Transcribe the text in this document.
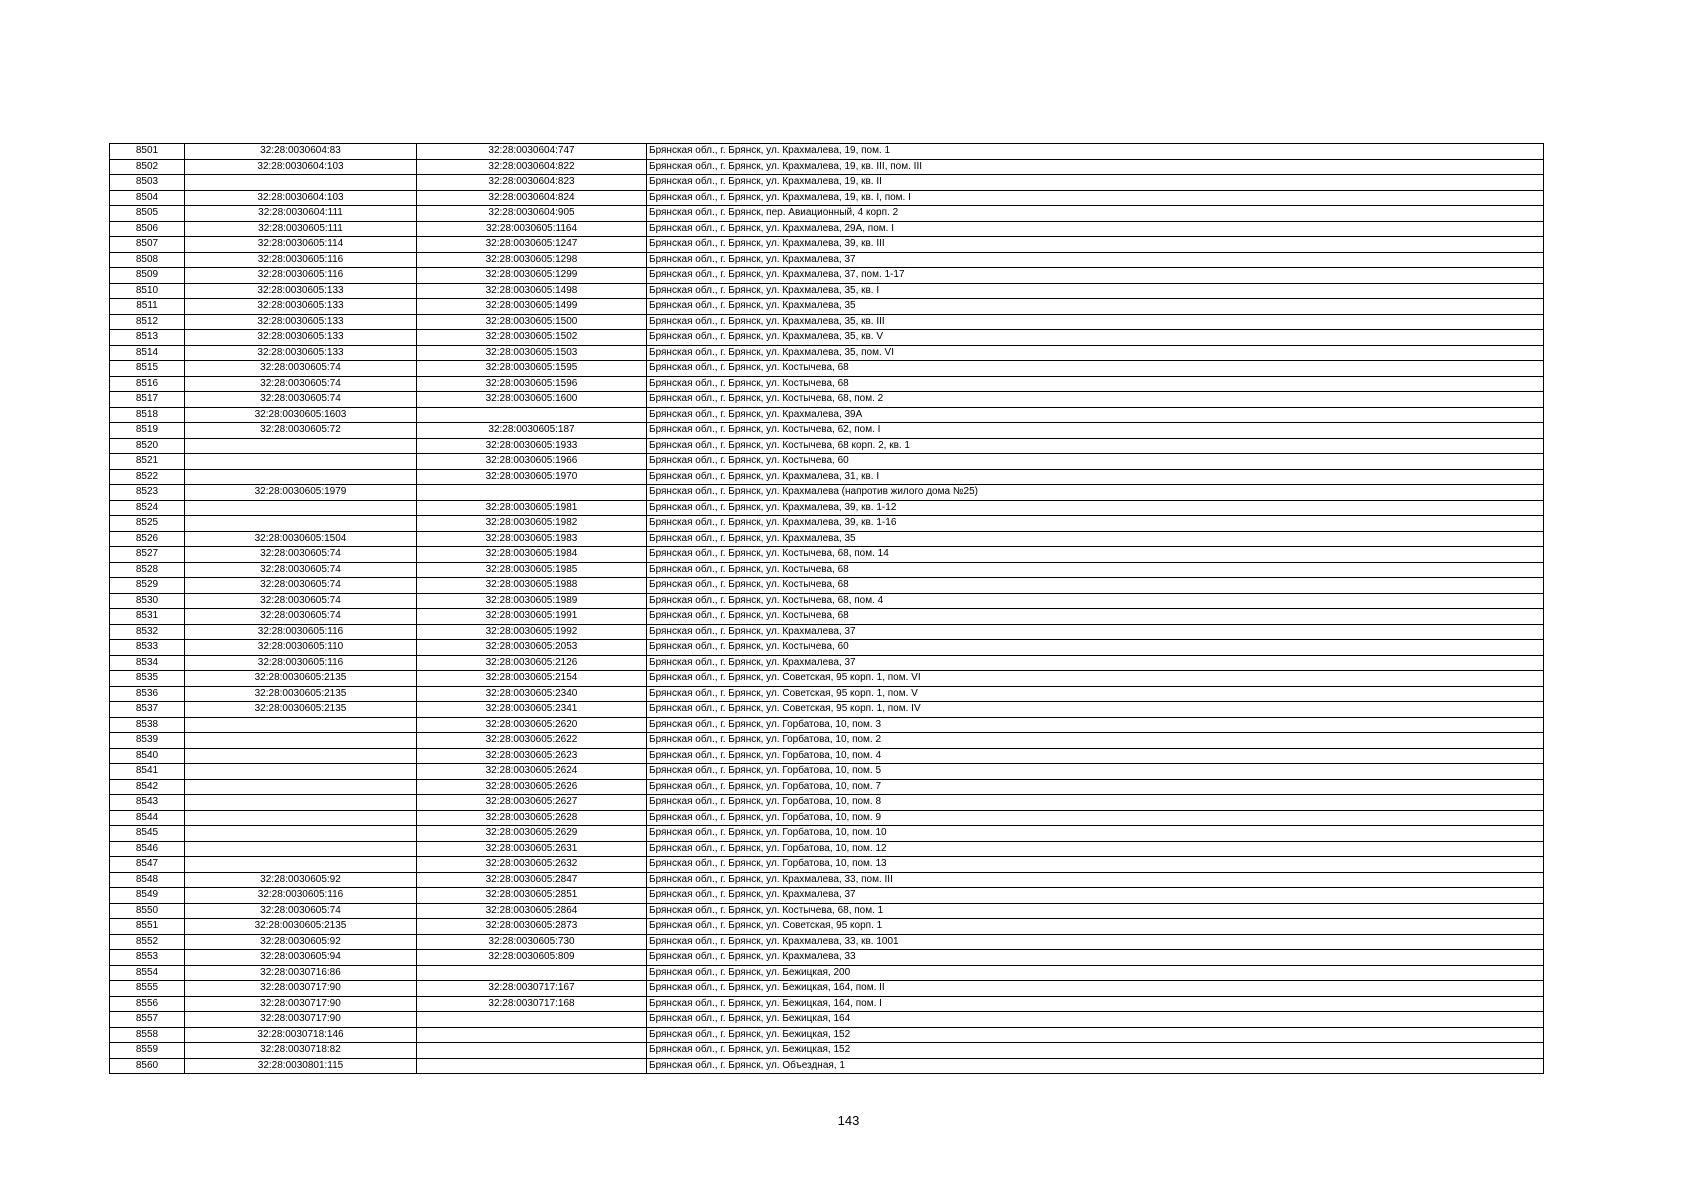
8501	32:28:0030604:83	32:28:0030604:747	Брянская обл., г. Брянск, ул. Крахмалева, 19, пом. 1
8502	32:28:0030604:103	32:28:0030604:822	Брянская обл., г. Брянск, ул. Крахмалева, 19, кв. III, пом. III
8503		32:28:0030604:823	Брянская обл., г. Брянск, ул. Крахмалева, 19, кв. II
8504	32:28:0030604:103	32:28:0030604:824	Брянская обл., г. Брянск, ул. Крахмалева, 19, кв. I, пом. I
8505	32:28:0030604:111	32:28:0030604:905	Брянская обл., г. Брянск, пер. Авиационный, 4 корп. 2
8506	32:28:0030605:111	32:28:0030605:1164	Брянская обл., г. Брянск, ул. Крахмалева, 29А, пом. I
8507	32:28:0030605:114	32:28:0030605:1247	Брянская обл., г. Брянск, ул. Крахмалева, 39, кв. III
8508	32:28:0030605:116	32:28:0030605:1298	Брянская обл., г. Брянск, ул. Крахмалева, 37
8509	32:28:0030605:116	32:28:0030605:1299	Брянская обл., г. Брянск, ул. Крахмалева, 37, пом. 1-17
8510	32:28:0030605:133	32:28:0030605:1498	Брянская обл., г. Брянск, ул. Крахмалева, 35, кв. I
8511	32:28:0030605:133	32:28:0030605:1499	Брянская обл., г. Брянск, ул. Крахмалева, 35
8512	32:28:0030605:133	32:28:0030605:1500	Брянская обл., г. Брянск, ул. Крахмалева, 35, кв. III
8513	32:28:0030605:133	32:28:0030605:1502	Брянская обл., г. Брянск, ул. Крахмалева, 35, кв. V
8514	32:28:0030605:133	32:28:0030605:1503	Брянская обл., г. Брянск, ул. Крахмалева, 35, пом. VI
8515	32:28:0030605:74	32:28:0030605:1595	Брянская обл., г. Брянск, ул. Костычева, 68
8516	32:28:0030605:74	32:28:0030605:1596	Брянская обл., г. Брянск, ул. Костычева, 68
8517	32:28:0030605:74	32:28:0030605:1600	Брянская обл., г. Брянск, ул. Костычева, 68, пом. 2
8518	32:28:0030605:1603		Брянская обл., г. Брянск, ул. Крахмалева, 39А
8519	32:28:0030605:72	32:28:0030605:187	Брянская обл., г. Брянск, ул. Костычева, 62, пом. I
8520		32:28:0030605:1933	Брянская обл., г. Брянск, ул. Костычева, 68 корп. 2, кв. 1
8521		32:28:0030605:1966	Брянская обл., г. Брянск, ул. Костычева, 60
8522		32:28:0030605:1970	Брянская обл., г. Брянск, ул. Крахмалева, 31, кв. I
8523	32:28:0030605:1979		Брянская обл., г. Брянск, ул. Крахмалева (напротив жилого дома №25)
8524		32:28:0030605:1981	Брянская обл., г. Брянск, ул. Крахмалева, 39, кв. 1-12
8525		32:28:0030605:1982	Брянская обл., г. Брянск, ул. Крахмалева, 39, кв. 1-16
8526	32:28:0030605:1504	32:28:0030605:1983	Брянская обл., г. Брянск, ул. Крахмалева, 35
8527	32:28:0030605:74	32:28:0030605:1984	Брянская обл., г. Брянск, ул. Костычева, 68, пом. 14
8528	32:28:0030605:74	32:28:0030605:1985	Брянская обл., г. Брянск, ул. Костычева, 68
8529	32:28:0030605:74	32:28:0030605:1988	Брянская обл., г. Брянск, ул. Костычева, 68
8530	32:28:0030605:74	32:28:0030605:1989	Брянская обл., г. Брянск, ул. Костычева, 68, пом. 4
8531	32:28:0030605:74	32:28:0030605:1991	Брянская обл., г. Брянск, ул. Костычева, 68
8532	32:28:0030605:116	32:28:0030605:1992	Брянская обл., г. Брянск, ул. Крахмалева, 37
8533	32:28:0030605:110	32:28:0030605:2053	Брянская обл., г. Брянск, ул. Костычева, 60
8534	32:28:0030605:116	32:28:0030605:2126	Брянская обл., г. Брянск, ул. Крахмалева, 37
8535	32:28:0030605:2135	32:28:0030605:2154	Брянская обл., г. Брянск, ул. Советская, 95 корп. 1, пом. VI
8536	32:28:0030605:2135	32:28:0030605:2340	Брянская обл., г. Брянск, ул. Советская, 95 корп. 1, пом. V
8537	32:28:0030605:2135	32:28:0030605:2341	Брянская обл., г. Брянск, ул. Советская, 95 корп. 1, пом. IV
8538		32:28:0030605:2620	Брянская обл., г. Брянск, ул. Горбатова, 10, пом. 3
8539		32:28:0030605:2622	Брянская обл., г. Брянск, ул. Горбатова, 10, пом. 2
8540		32:28:0030605:2623	Брянская обл., г. Брянск, ул. Горбатова, 10, пом. 4
8541		32:28:0030605:2624	Брянская обл., г. Брянск, ул. Горбатова, 10, пом. 5
8542		32:28:0030605:2626	Брянская обл., г. Брянск, ул. Горбатова, 10, пом. 7
8543		32:28:0030605:2627	Брянская обл., г. Брянск, ул. Горбатова, 10, пом. 8
8544		32:28:0030605:2628	Брянская обл., г. Брянск, ул. Горбатова, 10, пом. 9
8545		32:28:0030605:2629	Брянская обл., г. Брянск, ул. Горбатова, 10, пом. 10
8546		32:28:0030605:2631	Брянская обл., г. Брянск, ул. Горбатова, 10, пом. 12
8547		32:28:0030605:2632	Брянская обл., г. Брянск, ул. Горбатова, 10, пом. 13
8548	32:28:0030605:92	32:28:0030605:2847	Брянская обл., г. Брянск, ул. Крахмалева, 33, пом. III
8549	32:28:0030605:116	32:28:0030605:2851	Брянская обл., г. Брянск, ул. Крахмалева, 37
8550	32:28:0030605:74	32:28:0030605:2864	Брянская обл., г. Брянск, ул. Костычева, 68, пом. 1
8551	32:28:0030605:2135	32:28:0030605:2873	Брянская обл., г. Брянск, ул. Советская, 95 корп. 1
8552	32:28:0030605:92	32:28:0030605:730	Брянская обл., г. Брянск, ул. Крахмалева, 33, кв. 1001
8553	32:28:0030605:94	32:28:0030605:809	Брянская обл., г. Брянск, ул. Крахмалева, 33
8554	32:28:0030716:86		Брянская обл., г. Брянск, ул. Бежицкая, 200
8555	32:28:0030717:90	32:28:0030717:167	Брянская обл., г. Брянск, ул. Бежицкая, 164, пом. II
8556	32:28:0030717:90	32:28:0030717:168	Брянская обл., г. Брянск, ул. Бежицкая, 164, пом. I
8557	32:28:0030717:90		Брянская обл., г. Брянск, ул. Бежицкая, 164
8558	32:28:0030718:146		Брянская обл., г. Брянск, ул. Бежицкая, 152
8559	32:28:0030718:82		Брянская обл., г. Брянск, ул. Бежицкая, 152
8560	32:28:0030801:115		Брянская обл., г. Брянск, ул. Объездная, 1
143
